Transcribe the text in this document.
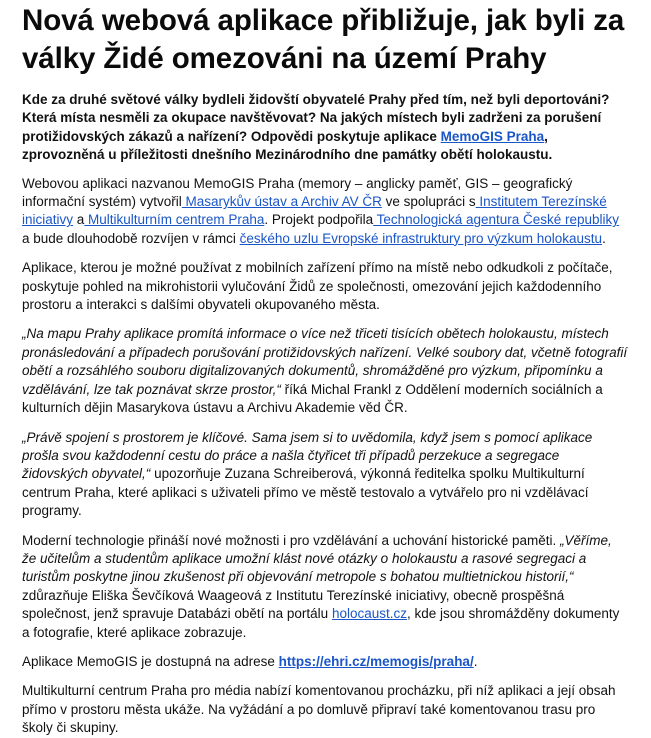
Nová webová aplikace přibližuje, jak byli za války Židé omezováni na území Prahy

Kde za druhé světové války bydleli židovští obyvatelé Prahy před tím, než byli deportováni? Která místa nesměli za okupace navštěvovat? Na jakých místech byli zadrženi za porušení protižidovských zákazů a nařízení? Odpovědi poskytuje aplikace MemoGIS Praha, zprovozněná u příležitosti dnešního Mezinárodního dne památky obětí holokaustu.

Webovou aplikaci nazvanou MemoGIS Praha (memory – anglicky paměť, GIS – geografický informační systém) vytvořil Masarykův ústav a Archiv AV ČR ve spolupráci s Institutem Terezínské iniciativy a Multikulturním centrem Praha. Projekt podpořila Technologická agentura České republiky a bude dlouhodobě rozvíjen v rámci českého uzlu Evropské infrastruktury pro výzkum holokaustu.

Aplikace, kterou je možné používat z mobilních zařízení přímo na místě nebo odkudkoli z počítače, poskytuje pohled na mikrohistorii vylučování Židů ze společnosti, omezování jejich každodenního prostoru a interakci s dalšími obyvateli okupovaného města.

„Na mapu Prahy aplikace promítá informace o více než třiceti tisících obětech holokaustu, místech pronásledování a případech porušování protižidovských nařízení. Velké soubory dat, včetně fotografií obětí a rozsáhlého souboru digitalizovaných dokumentů, shromážděné pro výzkum, připomínku a vzdělávání, lze tak poznávat skrze prostor,“ říká Michal Frankl z Oddělení moderních sociálních a kulturních dějin Masarykova ústavu a Archivu Akademie věd ČR.

„Právě spojení s prostorem je klíčové. Sama jsem si to uvědomila, když jsem s pomocí aplikace prošla svou každodenní cestu do práce a našla čtyřicet tři případů perzekuce a segregace židovských obyvatel,“ upozorňuje Zuzana Schreiberová, výkonná ředitelka spolku Multikulturní centrum Praha, které aplikaci s uživateli přímo ve městě testovalo a vytvářelo pro ni vzdělávací programy.

Moderní technologie přináší nové možnosti i pro vzdělávání a uchování historické paměti. „Věříme, že učitelům a studentům aplikace umožní klást nové otázky o holokaustu a rasové segregaci a turistům poskytne jinou zkušenost při objevování metropole s bohatou multietnickou historií,“ zdůrazňuje Eliška Ševčíková Waageová z Institutu Terezínské iniciativy, obecně prospěšná společnost, jenž spravuje Databázi obětí na portálu holocaust.cz, kde jsou shromážděny dokumenty a fotografie, které aplikace zobrazuje.

Aplikace MemoGIS je dostupná na adrese https://ehri.cz/memogis/praha/.

Multikulturní centrum Praha pro média nabízí komentovanou procházku, při níž aplikaci a její obsah přímo v prostoru města ukáže. Na vyžádání a po domluvě připraví také komentovanou trasu pro školy či skupiny.
